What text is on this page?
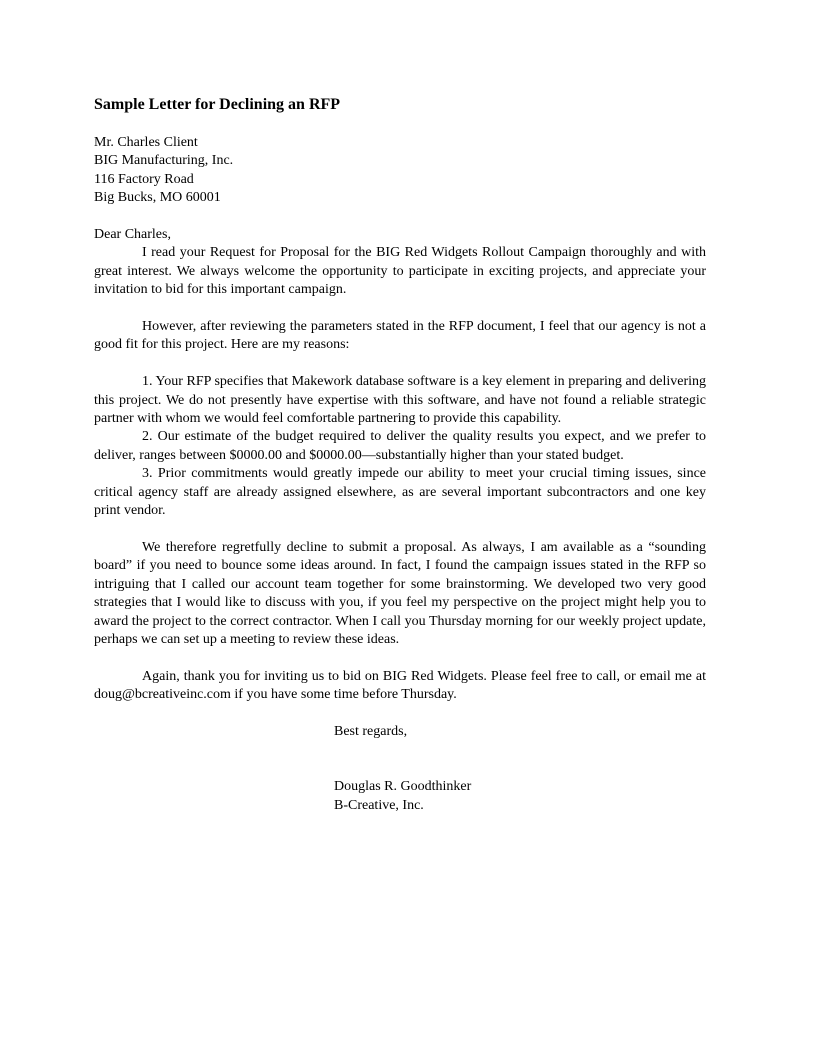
Sample Letter for Declining an RFP
Mr. Charles Client
BIG Manufacturing, Inc.
116 Factory Road
Big Bucks, MO 60001

Dear Charles,

I read your Request for Proposal for the BIG Red Widgets Rollout Campaign thoroughly and with great interest. We always welcome the opportunity to participate in exciting projects, and appreciate your invitation to bid for this important campaign.

However, after reviewing the parameters stated in the RFP document, I feel that our agency is not a good fit for this project. Here are my reasons:

1. Your RFP specifies that Makework database software is a key element in preparing and delivering this project. We do not presently have expertise with this software, and have not found a reliable strategic partner with whom we would feel comfortable partnering to provide this capability.

2. Our estimate of the budget required to deliver the quality results you expect, and we prefer to deliver, ranges between $0000.00 and $0000.00—substantially higher than your stated budget.

3. Prior commitments would greatly impede our ability to meet your crucial timing issues, since critical agency staff are already assigned elsewhere, as are several important subcontractors and one key print vendor.

We therefore regretfully decline to submit a proposal. As always, I am available as a “sounding board” if you need to bounce some ideas around. In fact, I found the campaign issues stated in the RFP so intriguing that I called our account team together for some brainstorming. We developed two very good strategies that I would like to discuss with you, if you feel my perspective on the project might help you to award the project to the correct contractor. When I call you Thursday morning for our weekly project update, perhaps we can set up a meeting to review these ideas.

Again, thank you for inviting us to bid on BIG Red Widgets. Please feel free to call, or email me at doug@bcreativeinc.com if you have some time before Thursday.

Best regards,
Douglas R. Goodthinker
B-Creative, Inc.
